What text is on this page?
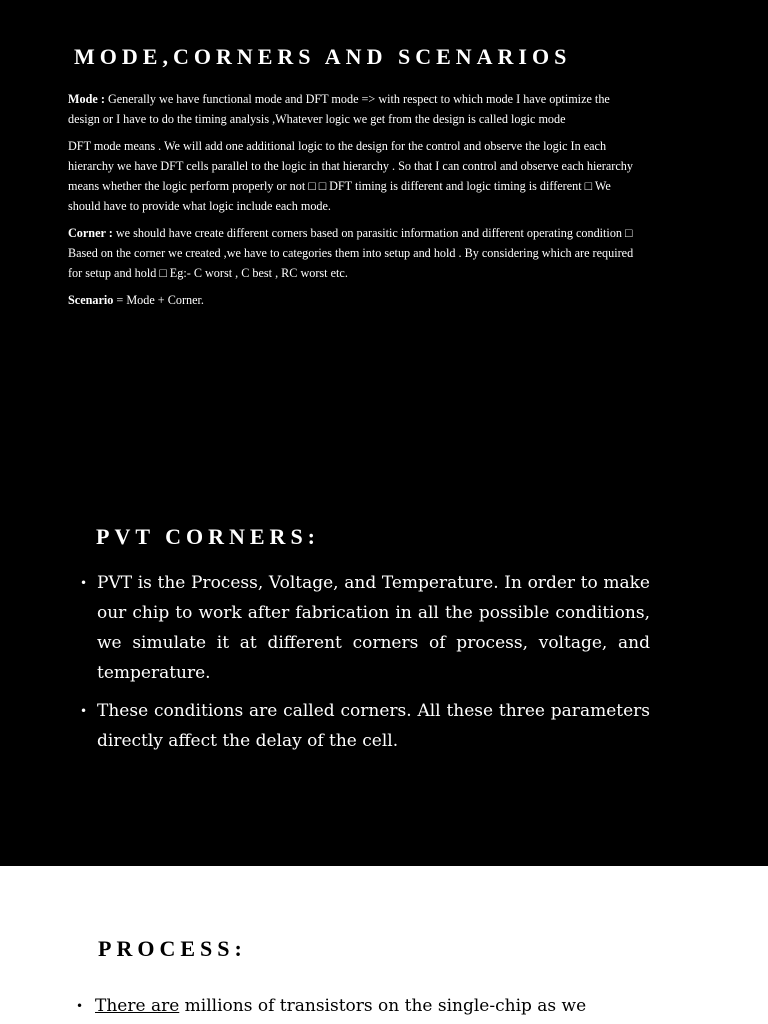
MODE,CORNERS AND SCENARIOS

Mode : Generally we have functional mode and DFT mode => with respect to which mode I have optimize the design or I have to do the timing analysis ,Whatever logic we get from the design is called logic mode

DFT mode means . We will add one additional logic to the design for the control and observe the logic In each hierarchy we have DFT cells parallel to the logic in that hierarchy . So that I can control and observe each hierarchy means whether the logic perform properly or not □ □ DFT timing is different and logic timing is different □ We should have to provide what logic include each mode.

Corner : we should have create different corners based on parasitic information and different operating condition □ Based on the corner we created ,we have to categories them into setup and hold . By considering which are required for setup and hold □ Eg:- C worst , C best , RC worst etc.

Scenario = Mode + Corner.

PVT CORNERS:
• PVT is the Process, Voltage, and Temperature. In order to make our chip to work after fabrication in all the possible conditions, we simulate it at different corners of process, voltage, and temperature.
• These conditions are called corners. All these three parameters directly affect the delay of the cell.
PROCESS:
• There are millions of transistors on the single-chip as we
